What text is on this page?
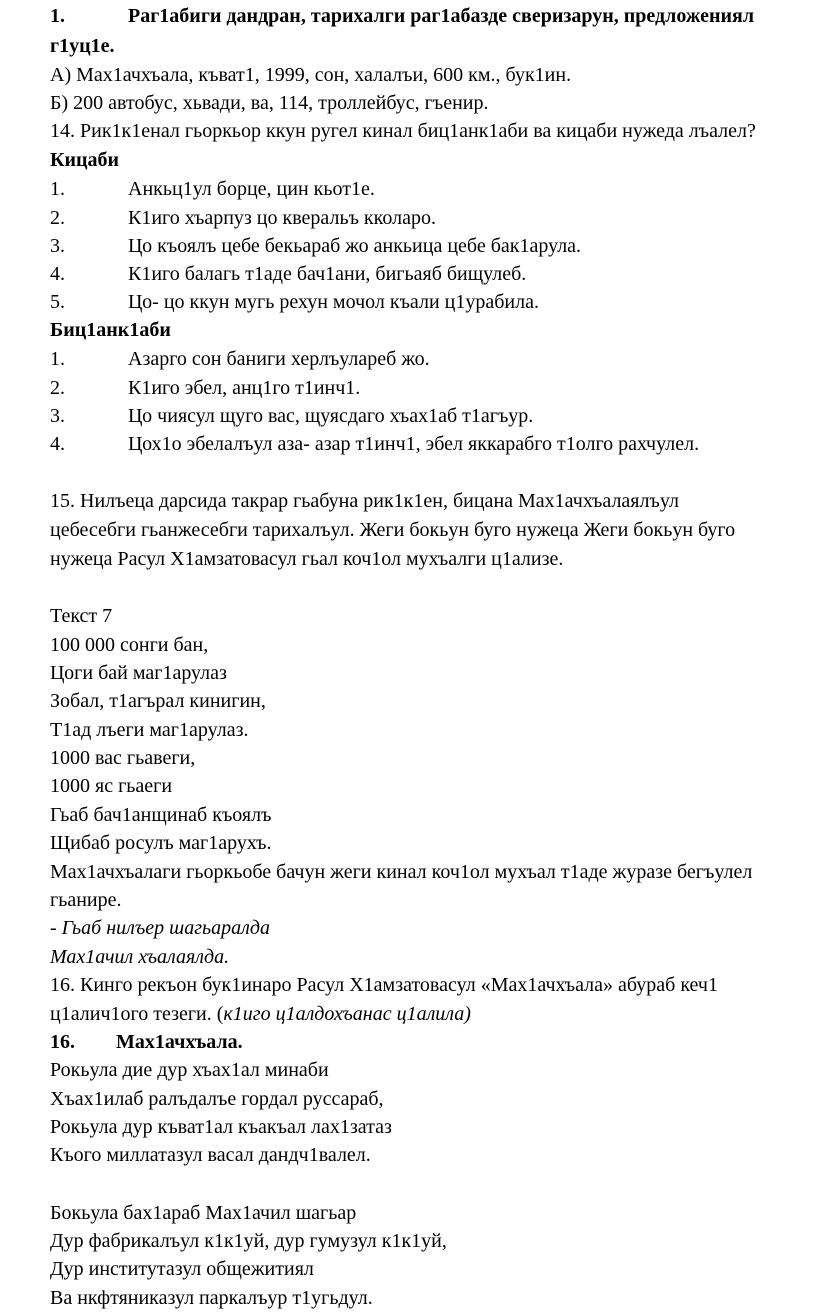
1.	Раг1абиги дандран, тарихалги раг1абазде сверизарун, предложениял
г1уц1е.
А) Мах1ачхъала, къват1, 1999, сон, халалъи, 600 км., бук1ин.
Б) 200 автобус, хьвади, ва, 114, троллейбус, гъенир.
14. Рик1к1енал гьоркьор ккун ругел кинал биц1анк1аби ва кицаби нужеда лъалел?
Кицаби
1.	Анкьц1ул борце, цин кьот1е.
2.	К1иго хъарпуз цо кверальъ кколаро.
3.	Цо къоялъ цебе бекьараб жо анкьица цебе бак1арула.
4.	К1иго балагь т1аде бач1ани, бигьаяб бищулеб.
5.	Цо- цо ккун мугь рехун мочол къали ц1урабила.
Биц1анк1аби
1.	Азарго сон баниги херлъулареб жо.
2.	К1иго эбел, анц1го т1инч1.
3.	Цо чиясул щуго вас, щуясдаго хъах1аб т1агъур.
4.	Цох1о эбелалъул аза- азар т1инч1, эбел яккарабго т1олго рахчулел.
15. Нилъеца дарсида такрар гьабуна рик1к1ен, бицана Мах1ачхъалаялъул
цебесебги гьанжесебги тарихалъул. Жеги бокьун буго нужеца Жеги бокьун буго
нужеца Расул Х1амзатовасул гьал коч1ол мухъалги ц1ализе.
Текст 7
100 000 сонги бан,
Цоги бай маг1арулаз
Зобал, т1агърал кинигин,
Т1ад лъеги маг1арулаз.
1000 вас гьавеги,
1000 яс гьаеги
Гьаб бач1анщинаб къоялъ
Щибаб росулъ маг1арухъ.
Мах1ачхъалаги гьоркьобе бачун жеги кинал коч1ол мухъал т1аде журазе бегъулел
гьанире.
- Гьаб нилъер шагьаралда
Мах1ачил хъалаялда.
16. Кинго рекъон бук1инаро Расул Х1амзатовасул «Мах1ачхъала» абураб кеч1
ц1алич1ого тезеги. (к1иго ц1алдохъанас ц1алила)
16. Мах1ачхъала.
Рокьула дие дур хъах1ал минаби
Хъах1илаб ралъдалъе гордал руссараб,
Рокьула дур къват1ал къакъал лах1затаз
Къого миллатазул васал дандч1валел.
Бокьула бах1араб Мах1ачил шагьар
Дур фабрикалъул к1к1уй, дур гумузул к1к1уй,
Дур институтазул общежитиял
Ва нкфтяниказул паркалъур т1угьдул.
